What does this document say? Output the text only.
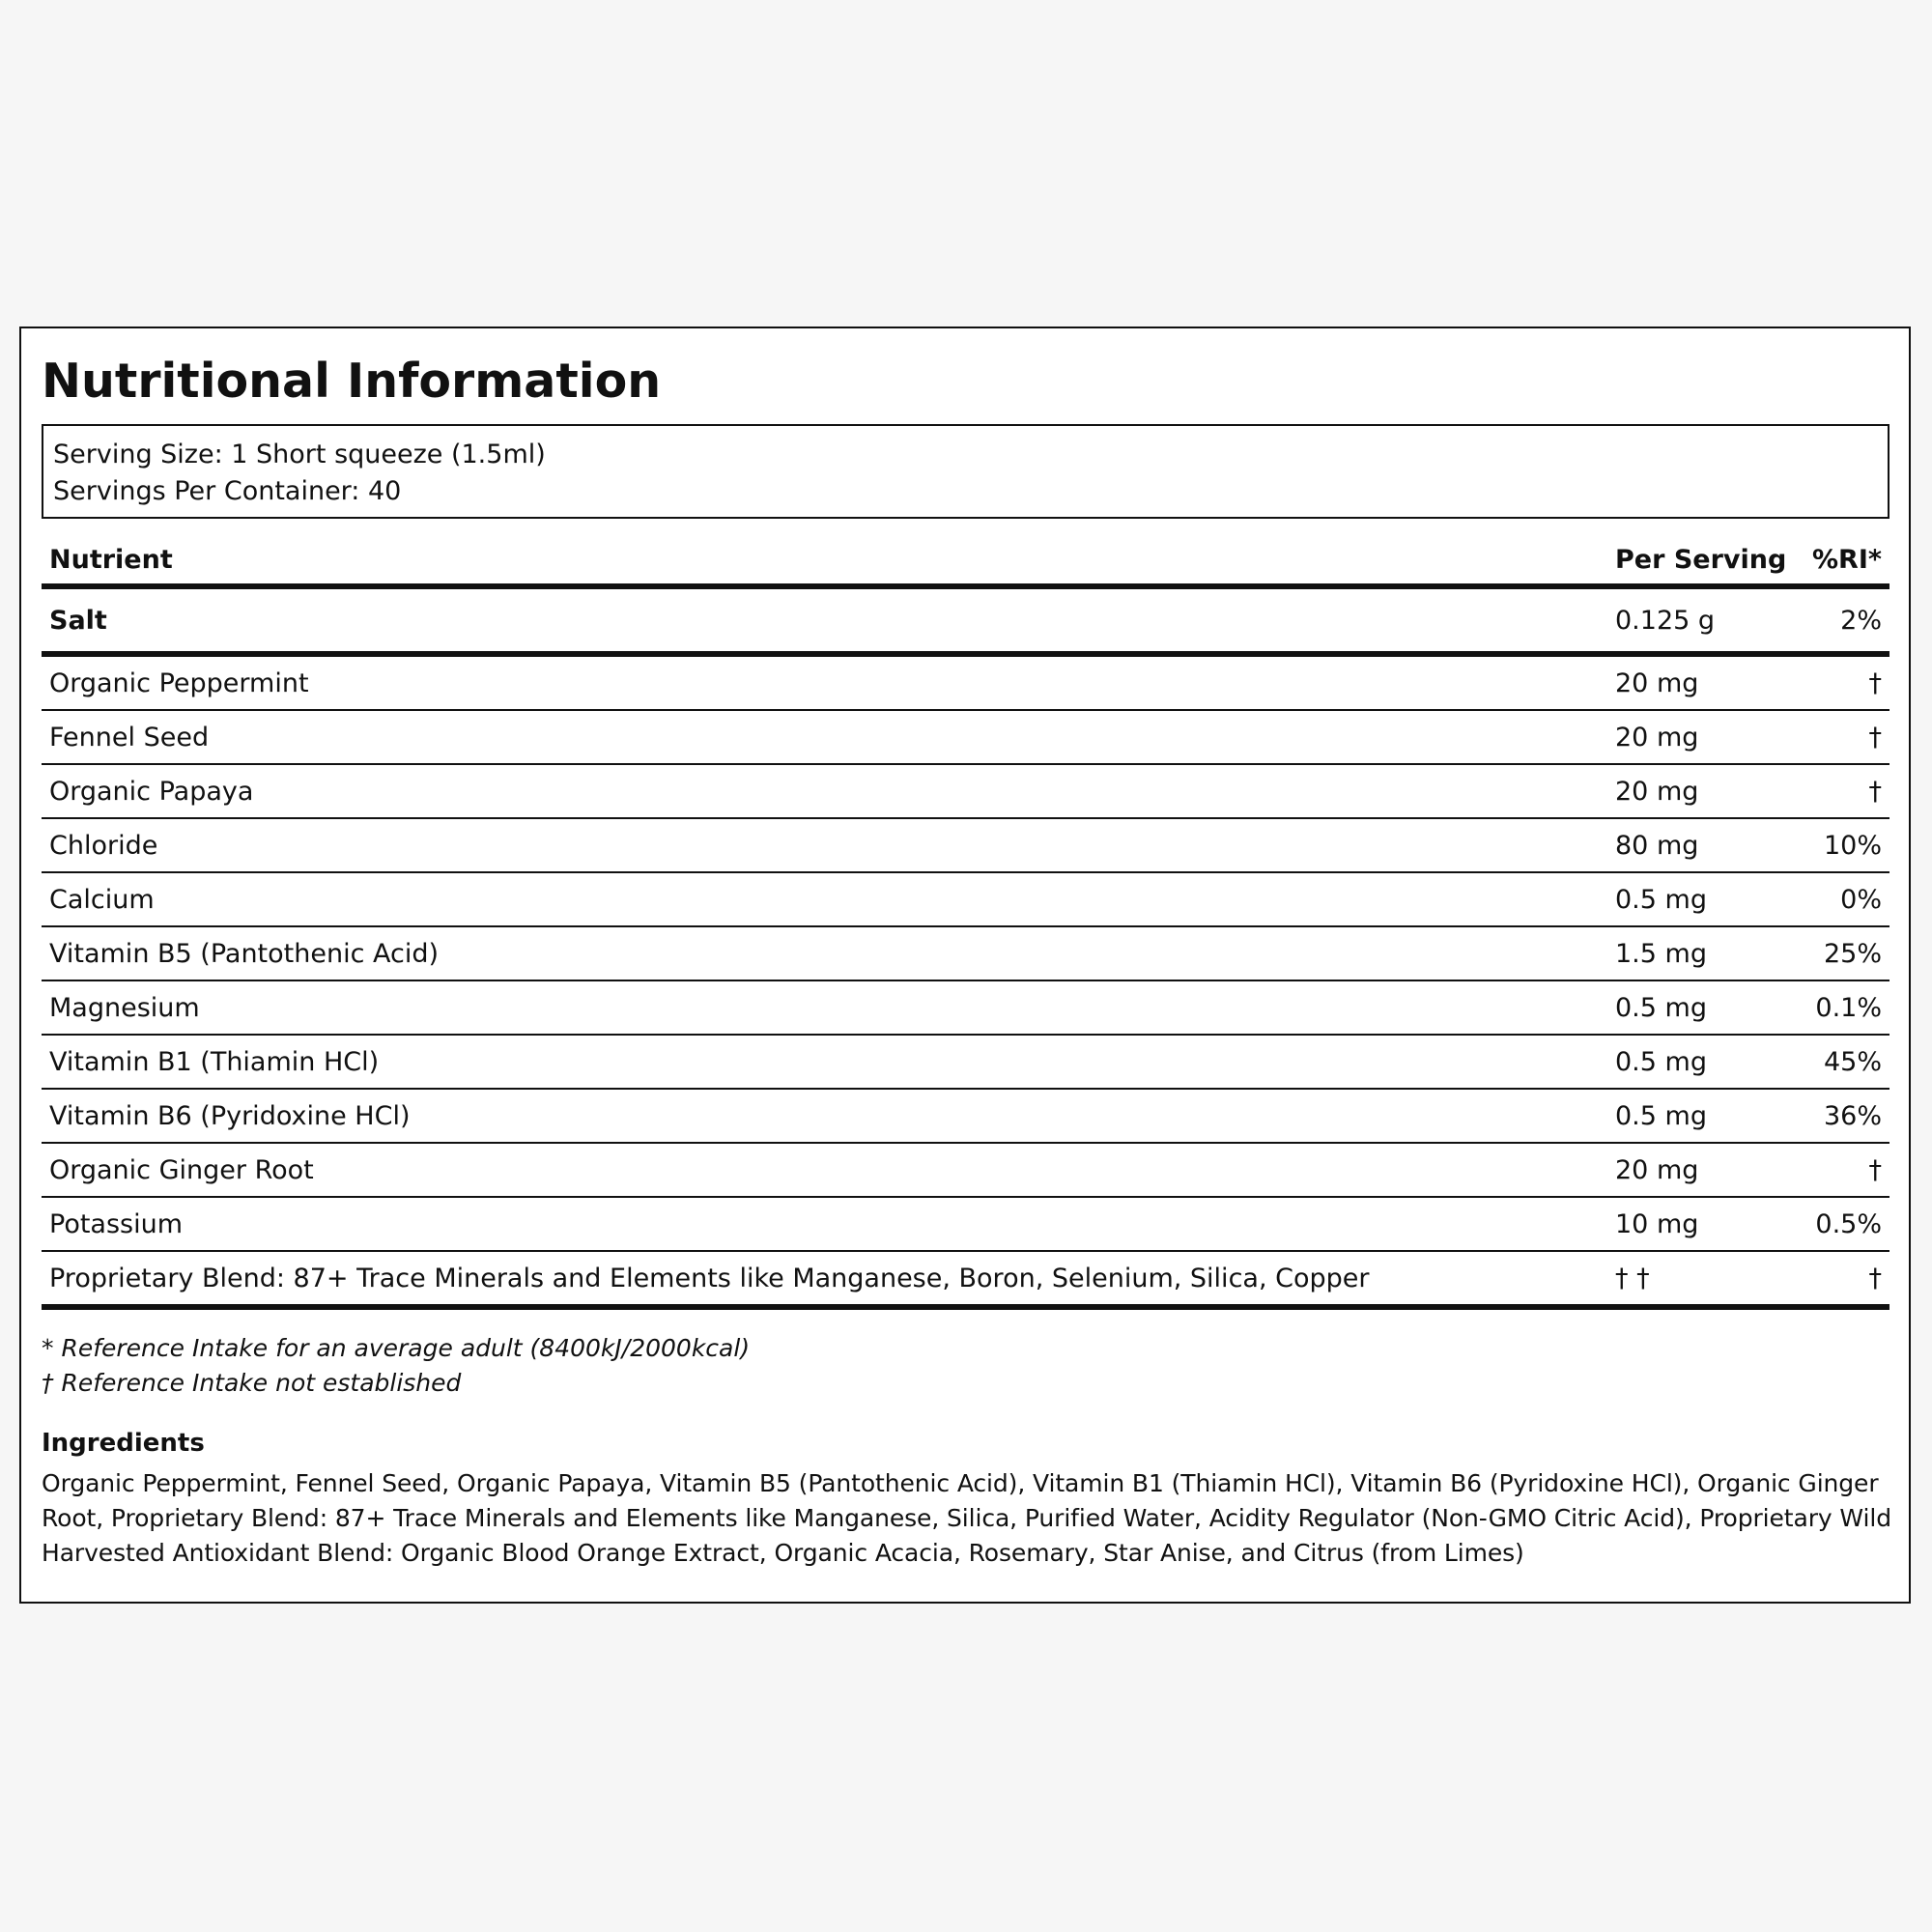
Nutritional Information
Serving Size: 1 Short squeeze (1.5ml)
Servings Per Container: 40
Nutrient	Per Serving	%RI*
Salt	0.125 g	2%
Organic Peppermint	20 mg	†
Fennel Seed	20 mg	†
Organic Papaya	20 mg	†
Chloride	80 mg	10%
Calcium	0.5 mg	0%
Vitamin B5 (Pantothenic Acid)	1.5 mg	25%
Magnesium	0.5 mg	0.1%
Vitamin B1 (Thiamin HCl)	0.5 mg	45%
Vitamin B6 (Pyridoxine HCl)	0.5 mg	36%
Organic Ginger Root	20 mg	†
Potassium	10 mg	0.5%
Proprietary Blend: 87+ Trace Minerals and Elements like Manganese, Boron, Selenium, Silica, Copper	† †	†
* Reference Intake for an average adult (8400kJ/2000kcal)
† Reference Intake not established
Ingredients
Organic Peppermint, Fennel Seed, Organic Papaya, Vitamin B5 (Pantothenic Acid), Vitamin B1 (Thiamin HCl), Vitamin B6 (Pyridoxine HCl), Organic Ginger Root, Proprietary Blend: 87+ Trace Minerals and Elements like Manganese, Silica, Purified Water, Acidity Regulator (Non-GMO Citric Acid), Proprietary Wild Harvested Antioxidant Blend: Organic Blood Orange Extract, Organic Acacia, Rosemary, Star Anise, and Citrus (from Limes)
